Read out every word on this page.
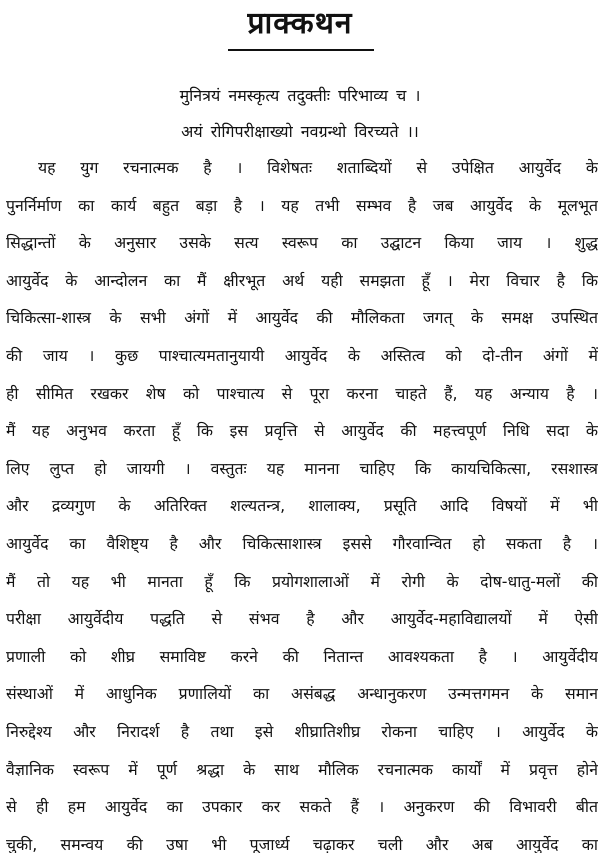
प्राक्कथन
मुनित्रयं नमस्कृत्य तदुक्तीः परिभाव्य च ।
अयं रोगिपरीक्षाख्यो नवग्रन्थो विरच्यते ।।
यह युग रचनात्मक है । विशेषतः शताब्दियों से उपेक्षित आयुर्वेद के
पुनर्निर्माण का कार्य बहुत बड़ा है । यह तभी सम्भव है जब आयुर्वेद के मूलभूत
सिद्धान्तों के अनुसार उसके सत्य स्वरूप का उद्घाटन किया जाय । शुद्ध
आयुर्वेद के आन्दोलन का मैं क्षीरभूत अर्थ यही समझता हूँ । मेरा विचार है कि
चिकित्सा-शास्त्र के सभी अंगों में आयुर्वेद की मौलिकता जगत् के समक्ष उपस्थित
की जाय । कुछ पाश्चात्यमतानुयायी आयुर्वेद के अस्तित्व को दो-तीन अंगों में
ही सीमित रखकर शेष को पाश्चात्य से पूरा करना चाहते हैं, यह अन्याय है ।
मैं यह अनुभव करता हूँ कि इस प्रवृत्ति से आयुर्वेद की महत्त्वपूर्ण निधि सदा के
लिए लुप्त हो जायगी । वस्तुतः यह मानना चाहिए कि कायचिकित्सा, रसशास्त्र
और द्रव्यगुण के अतिरिक्त शल्यतन्त्र, शालाक्य, प्रसूति आदि विषयों में भी
आयुर्वेद का वैशिष्ट्य है और चिकित्साशास्त्र इससे गौरवान्वित हो सकता है ।
मैं तो यह भी मानता हूँ कि प्रयोगशालाओं में रोगी के दोष-धातु-मलों की
परीक्षा आयुर्वेदीय पद्धति से संभव है और आयुर्वेद-महाविद्यालयों में ऐसी
प्रणाली को शीघ्र समाविष्ट करने की नितान्त आवश्यकता है । आयुर्वेदीय
संस्थाओं में आधुनिक प्रणालियों का असंबद्ध अन्धानुकरण उन्मत्तगमन के समान
निरुद्देश्य और निरादर्श है तथा इसे शीघ्रातिशीघ्र रोकना चाहिए । आयुर्वेद के
वैज्ञानिक स्वरूप में पूर्ण श्रद्धा के साथ मौलिक रचनात्मक कार्यों में प्रवृत्त होने
से ही हम आयुर्वेद का उपकार कर सकते हैं । अनुकरण की विभावरी बीत
चुकी, समन्वय की उषा भी पूजार्ध्य चढ़ाकर चली और अब आयुर्वेद का
